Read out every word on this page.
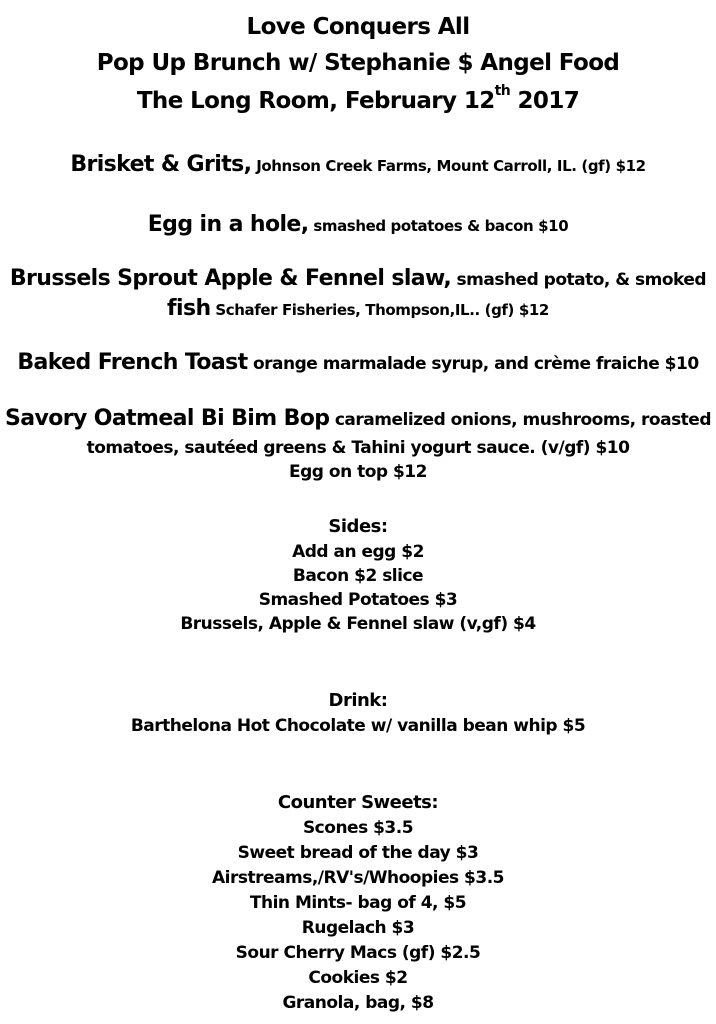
Love Conquers All
Pop Up Brunch w/ Stephanie $ Angel Food
The Long Room, February 12th 2017
Brisket & Grits, Johnson Creek Farms, Mount Carroll, IL. (gf) $12
Egg in a hole, smashed potatoes & bacon $10
Brussels Sprout Apple & Fennel slaw, smashed potato, & smoked
fish Schafer Fisheries, Thompson,IL.. (gf) $12
Baked French Toast orange marmalade syrup, and crème fraiche $10
Savory Oatmeal Bi Bim Bop caramelized onions, mushrooms, roasted
tomatoes, sautéed greens & Tahini yogurt sauce. (v/gf) $10
Egg on top $12
Sides:
Add an egg $2
Bacon $2 slice
Smashed Potatoes $3
Brussels, Apple & Fennel slaw (v,gf) $4
Drink:
Barthelona Hot Chocolate w/ vanilla bean whip $5
Counter Sweets:
Scones $3.5
Sweet bread of the day $3
Airstreams,/RV's/Whoopies $3.5
Thin Mints- bag of 4, $5
Rugelach $3
Sour Cherry Macs (gf) $2.5
Cookies $2
Granola, bag, $8
